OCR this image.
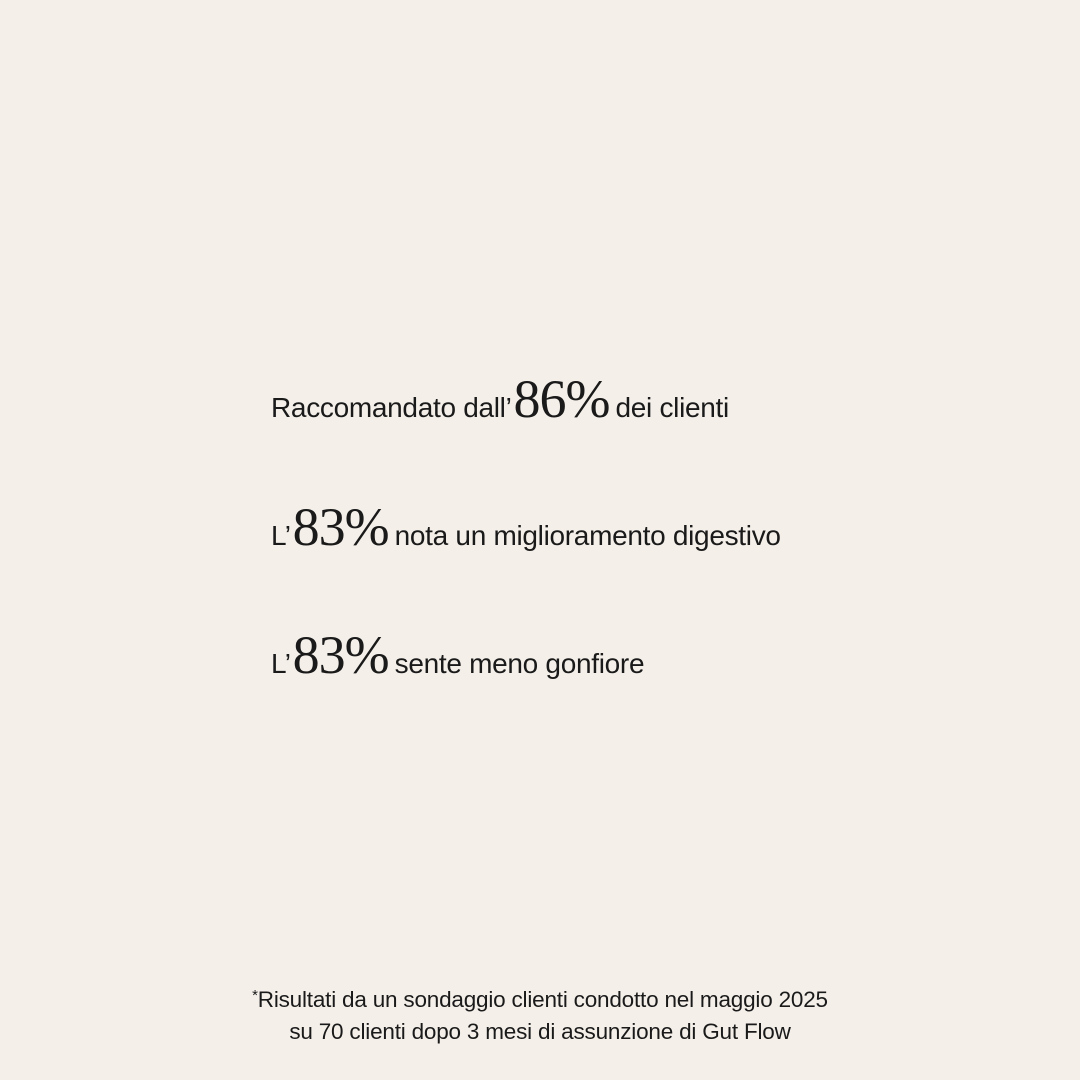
Raccomandato dall’ 86% dei clienti
L’ 83% nota un miglioramento digestivo
L’ 83% sente meno gonfiore
*Risultati da un sondaggio clienti condotto nel maggio 2025
su 70 clienti dopo 3 mesi di assunzione di Gut Flow
